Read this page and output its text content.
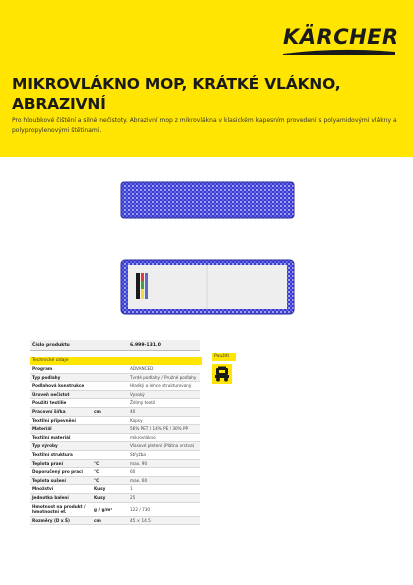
KÄRCHER
MIKROVLÁKNO MOP, KRÁTKÉ VLÁKNO, ABRAZIVNÍ
Pro hloubkové čištění a silné nečistoty. Abrazivní mop z mikrovlákna v klasickém kapesním provedení s polyamidovými vlákny a polypropylenovými štětinami.
Číslo produktu	6.999-131.0
Technické údaje
Program	ADVANCED
Typ podlahy	Tvrdé podlahy / Pružné podlahy
Podlahová konstrukce	Hladký a lehce strukturovaný
Úroveň nečistot	Vysoký
Použití textilie	Ždímý textil
Pracovní šířka	cm	40
Textilní připevnění	Kapsy
Materiál	56% PET / 14% PE / 30% PP
Textilní materiál	mikrovlákno
Typ výroby	Vlasové pletení (Plátna vrstva)
Textilní struktura	Střyžba
Teplota praní	°C	max. 90
Doporučený pro prací	°C	60
Teplota sušení	°C	max. 60
Množství	Kusy	1
Jednotka balení	Kusy	25
Hmotnost na produkt / hmotnostní ef.
g / g/m²	122 / 730
Rozměry (D x Š)	cm	45 × 14.5
Použití
